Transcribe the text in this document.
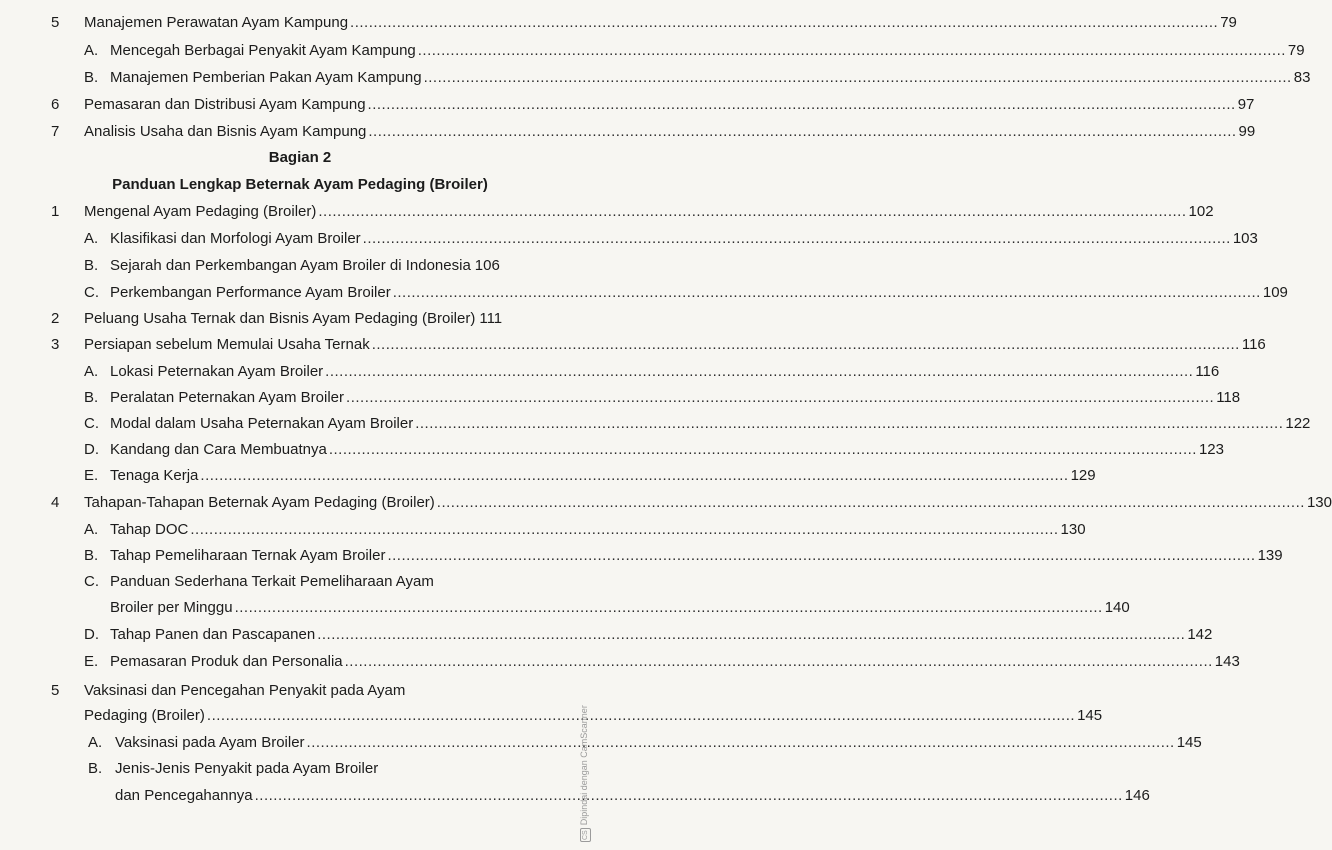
5 Manajemen Perawatan Ayam Kampung .....	79
A. Mencegah Berbagai Penyakit Ayam Kampung .....	79
B. Manajemen Pemberian Pakan Ayam Kampung .....	83
6 Pemasaran dan Distribusi Ayam Kampung .....	97
7 Analisis Usaha dan Bisnis Ayam Kampung .....	99
Bagian 2
Panduan Lengkap Beternak Ayam Pedaging (Broiler)
1 Mengenal Ayam Pedaging (Broiler) .....	102
A. Klasifikasi dan Morfologi Ayam Broiler .....	103
B. Sejarah dan Perkembangan Ayam Broiler di Indonesia 106
C. Perkembangan Performance Ayam Broiler .....	109
2 Peluang Usaha Ternak dan Bisnis Ayam Pedaging (Broiler) 111
3 Persiapan sebelum Memulai Usaha Ternak .....	116
A. Lokasi Peternakan Ayam Broiler .....	116
B. Peralatan Peternakan Ayam Broiler .....	118
C. Modal dalam Usaha Peternakan Ayam Broiler .....	122
D. Kandang dan Cara Membuatnya .....	123
E. Tenaga Kerja .....	129
4 Tahapan-Tahapan Beternak Ayam Pedaging (Broiler) .....	130
A. Tahap DOC .....	130
B. Tahap Pemeliharaan Ternak Ayam Broiler .....	139
C. Panduan Sederhana Terkait Pemeliharaan Ayam
Broiler per Minggu .....	140
D. Tahap Panen dan Pascapanen .....	142
E. Pemasaran Produk dan Personalia .....	143
5 Vaksinasi dan Pencegahan Penyakit pada Ayam
Pedaging (Broiler) .....	145
A. Vaksinasi pada Ayam Broiler .....	145
B. Jenis-Jenis Penyakit pada Ayam Broiler
dan Pencegahannya .....	146
CSDipindai dengan CamScanner
